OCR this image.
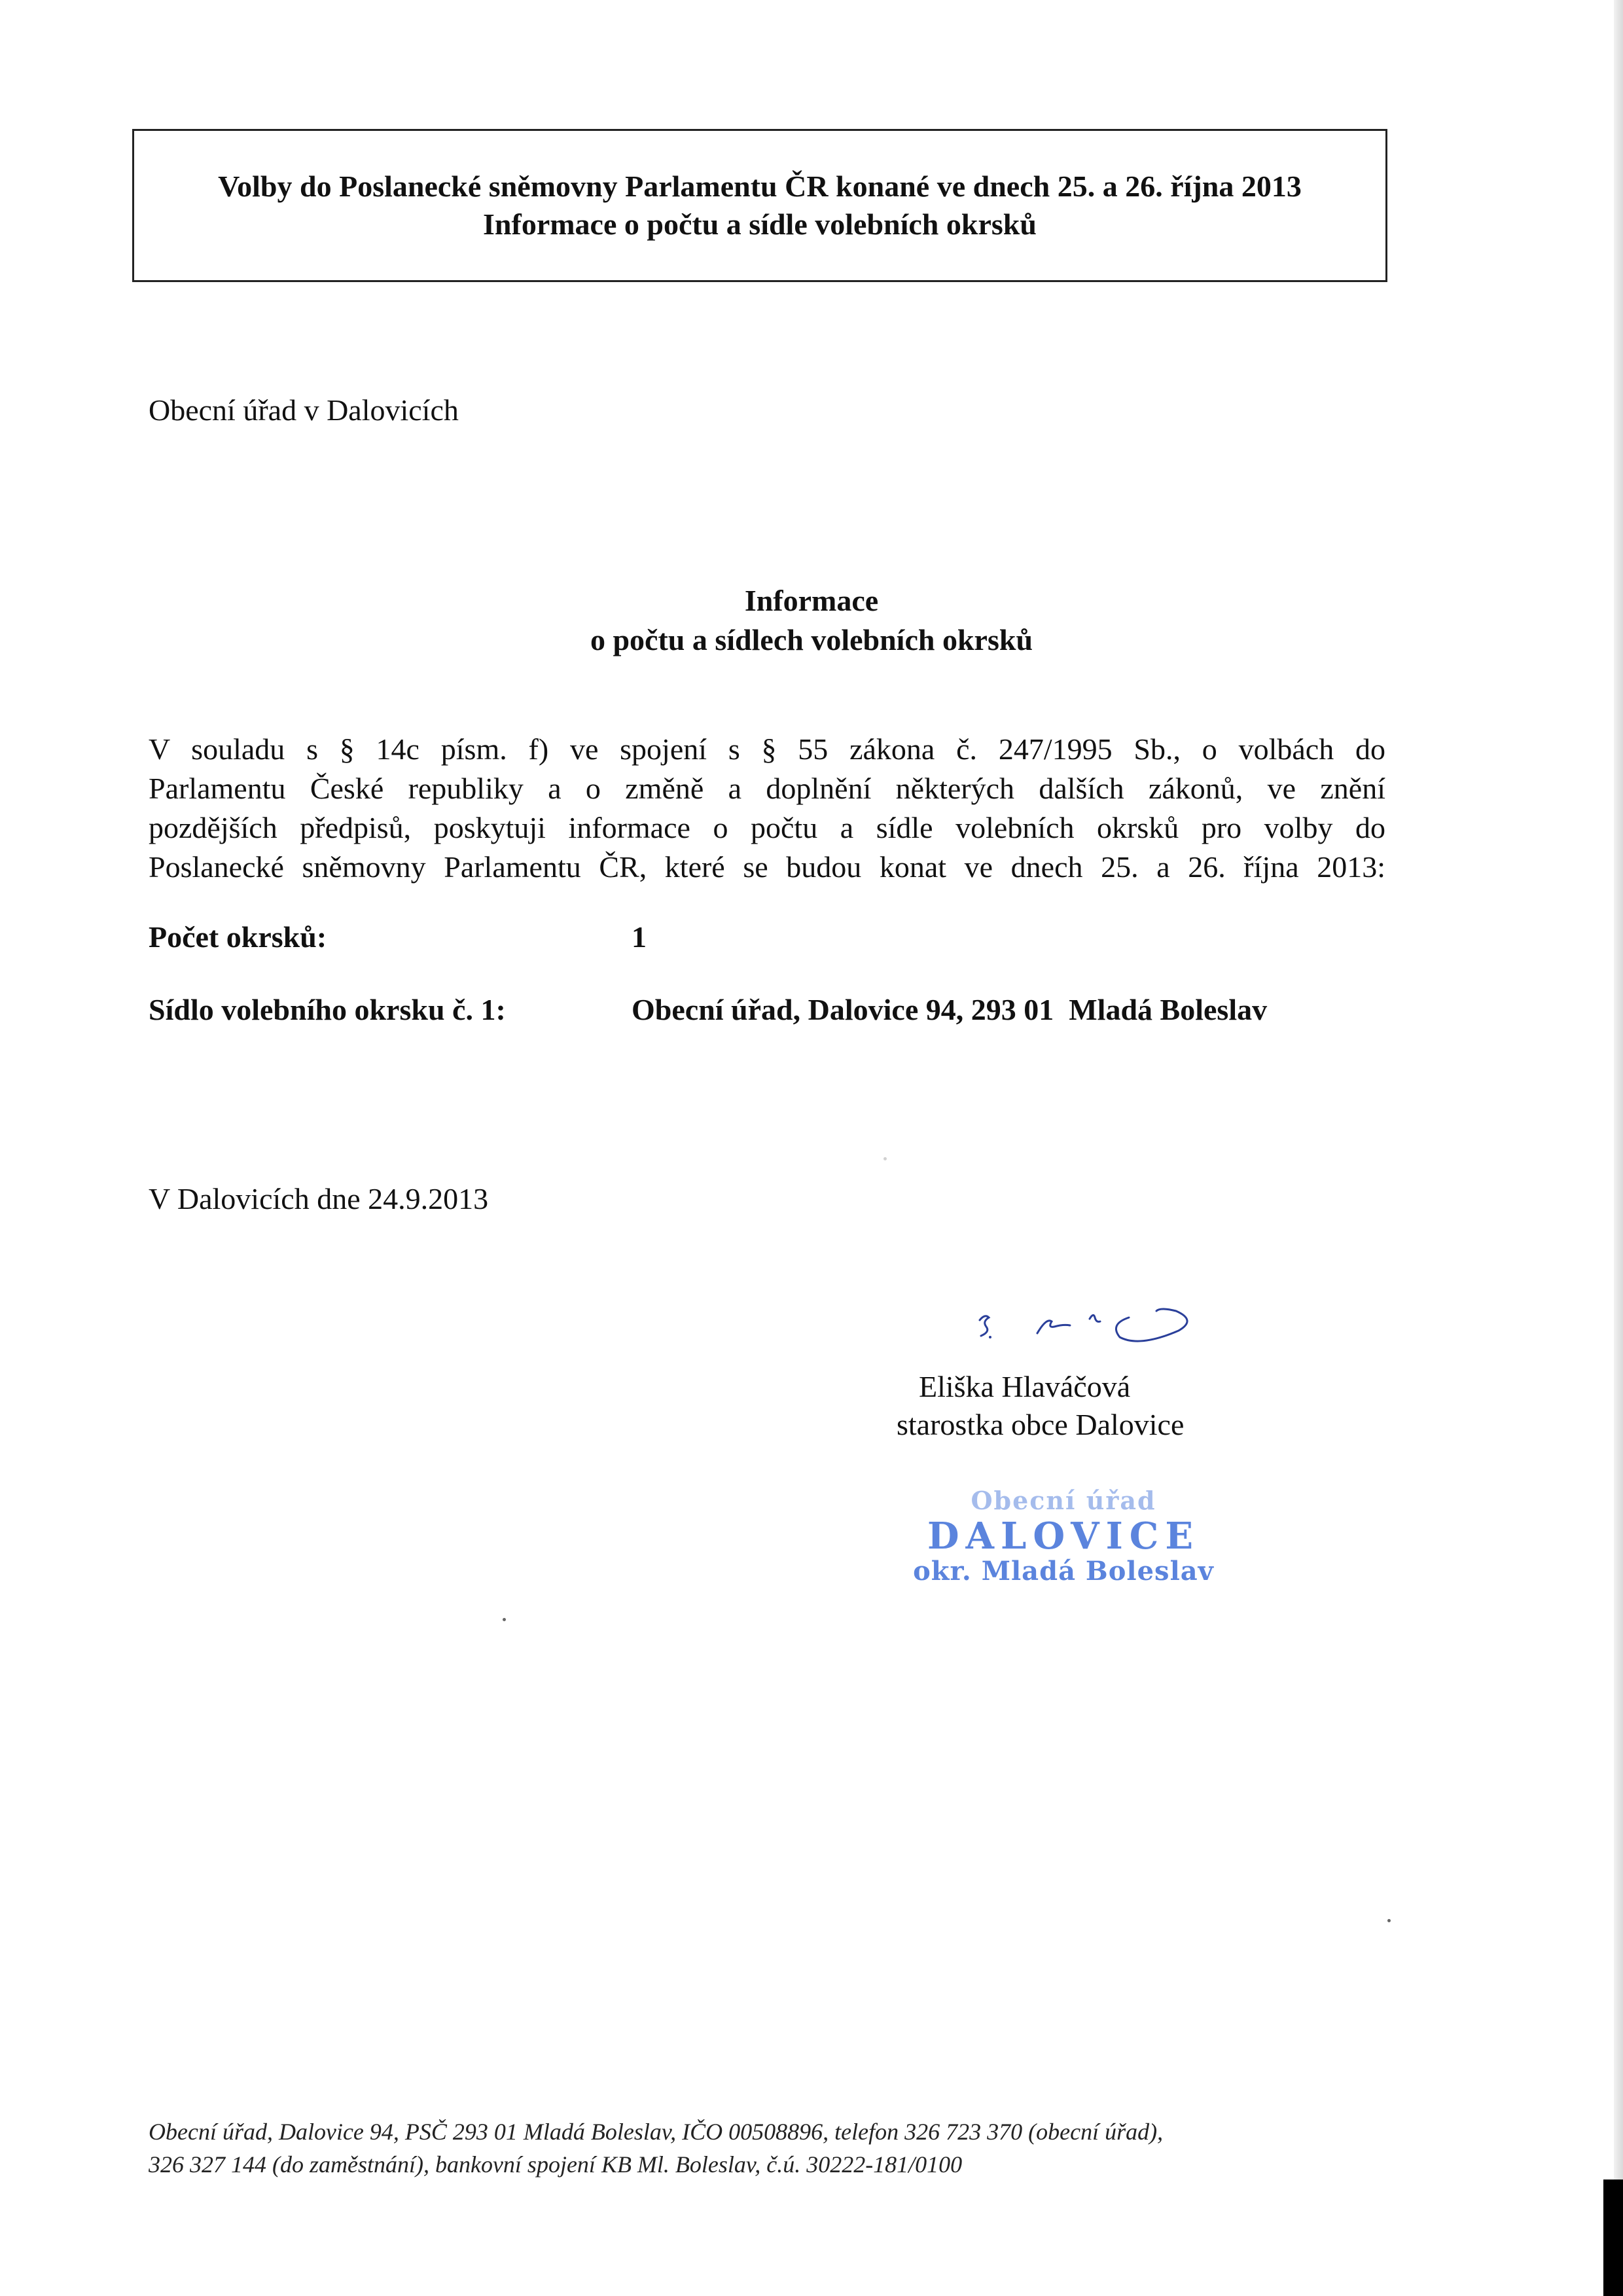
Volby do Poslanecké sněmovny Parlamentu ČR konané ve dnech 25. a 26. října 2013
Informace o počtu a sídle volebních okrsků
Obecní úřad v Dalovicích
Informace
o počtu a sídlech volebních okrsků
V souladu s § 14c písm. f) ve spojení s § 55 zákona č. 247/1995 Sb., o volbách do
Parlamentu České republiky a o změně a doplnění některých dalších zákonů, ve znění
pozdějších předpisů, poskytuji informace o počtu a sídle volebních okrsků pro volby do
Poslanecké sněmovny Parlamentu ČR, které se budou konat ve dnech 25. a 26. října 2013:
Počet okrsků:	1
Sídlo volebního okrsku č. 1:	Obecní úřad, Dalovice 94, 293 01  Mladá Boleslav
V Dalovicích dne 24.9.2013
Eliška Hlaváčová
starostka obce Dalovice
Obecní úřad
DALOVICE
okr. Mladá Boleslav
Obecní úřad, Dalovice 94, PSČ 293 01 Mladá Boleslav, IČO 00508896, telefon 326 723 370 (obecní úřad),
326 327 144 (do zaměstnání), bankovní spojení KB Ml. Boleslav, č.ú. 30222-181/0100
